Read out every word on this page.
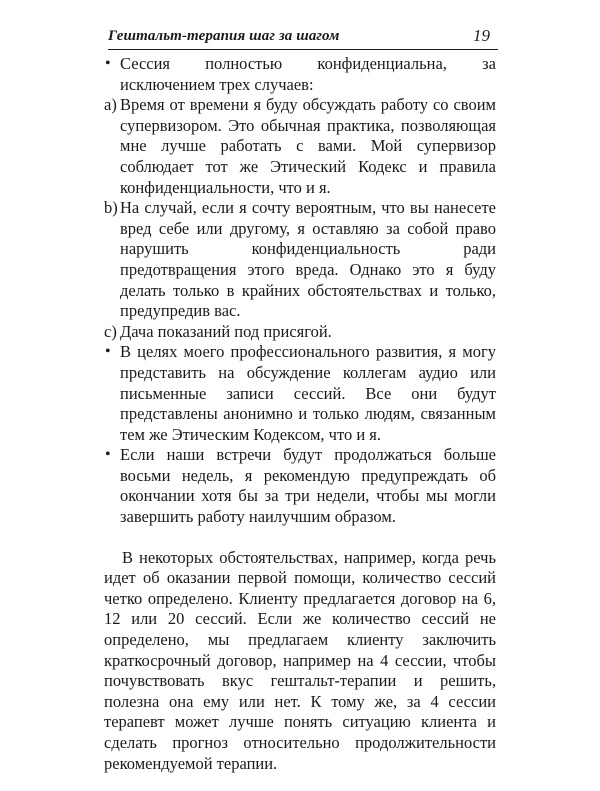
Гештальт-терапия шаг за шагом	19
• Сессия полностью конфиденциальна, за исключением трех случаев:
a) Время от времени я буду обсуждать работу со своим супервизором. Это обычная практика, позволяющая мне лучше работать с вами. Мой супервизор соблюдает тот же Этический Кодекс и правила конфиденциальности, что и я.
b) На случай, если я сочту вероятным, что вы нанесете вред себе или другому, я оставляю за собой право нарушить конфиденциальность ради предотвращения этого вреда. Однако это я буду делать только в крайних обстоятельствах и только, предупредив вас.
c) Дача показаний под присягой.
• В целях моего профессионального развития, я могу представить на обсуждение коллегам аудио или письменные записи сессий. Все они будут представлены анонимно и только людям, связанным тем же Этическим Кодексом, что и я.
• Если наши встречи будут продолжаться больше восьми недель, я рекомендую предупреждать об окончании хотя бы за три недели, чтобы мы могли завершить работу наилучшим образом.

В некоторых обстоятельствах, например, когда речь идет об оказании первой помощи, количество сессий четко определено. Клиенту предлагается договор на 6, 12 или 20 сессий. Если же количество сессий не определено, мы предлагаем клиенту заключить краткосрочный договор, например на 4 сессии, чтобы почувствовать вкус гештальт-терапии и решить, полезна она ему или нет. К тому же, за 4 сессии терапевт может лучше понять ситуацию клиента и сделать прогноз относительно продолжительности рекомендуемой терапии.
